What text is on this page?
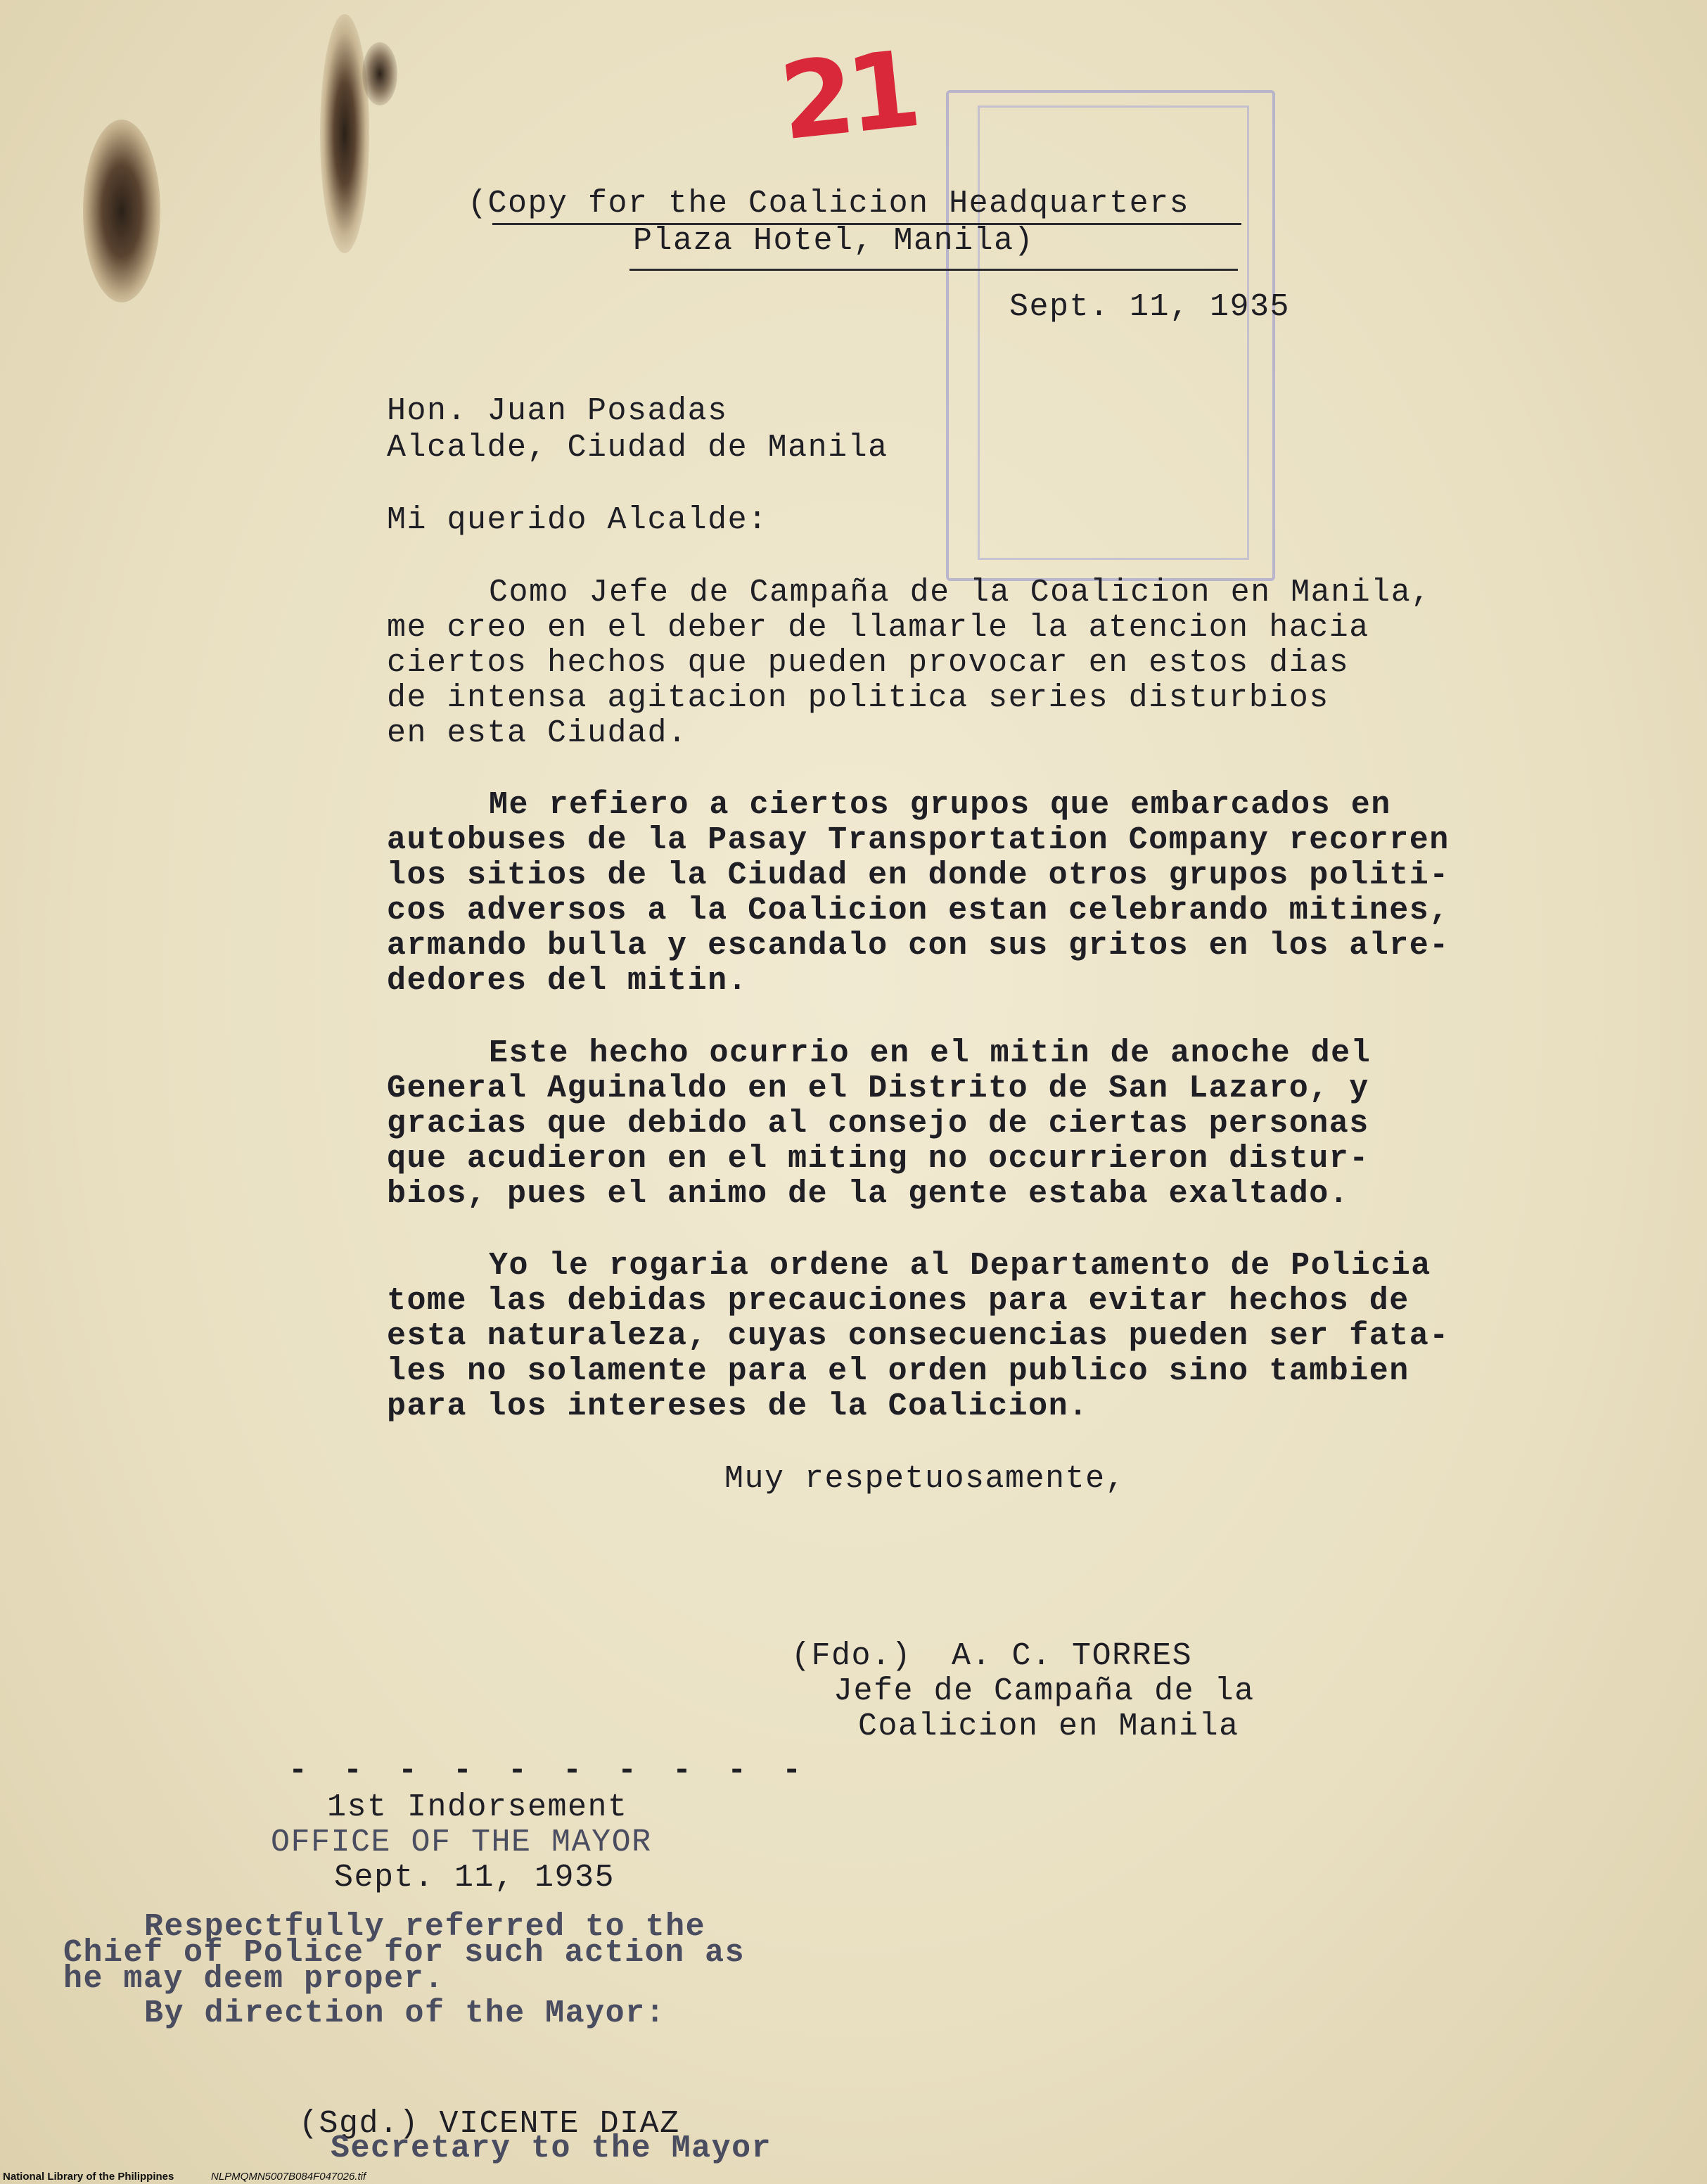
21
(Copy for the Coalicion Headquarters
Plaza Hotel, Manila)
Sept. 11, 1935
Hon. Juan Posadas
Alcalde, Ciudad de Manila
Mi querido Alcalde:
Como Jefe de Campaña de la Coalicion en Manila,
me creo en el deber de llamarle la atencion hacia
ciertos hechos que pueden provocar en estos dias
de intensa agitacion politica series disturbios
en esta Ciudad.
Me refiero a ciertos grupos que embarcados en
autobuses de la Pasay Transportation Company recorren
los sitios de la Ciudad en donde otros grupos politi-
cos adversos a la Coalicion estan celebrando mitines,
armando bulla y escandalo con sus gritos en los alre-
dedores del mitin.
Este hecho ocurrio en el mitin de anoche del
General Aguinaldo en el Distrito de San Lazaro, y
gracias que debido al consejo de ciertas personas
que acudieron en el miting no occurrieron distur-
bios, pues el animo de la gente estaba exaltado.
Yo le rogaria ordene al Departamento de Policia
tome las debidas precauciones para evitar hechos de
esta naturaleza, cuyas consecuencias pueden ser fata-
les no solamente para el orden publico sino tambien
para los intereses de la Coalicion.
Muy respetuosamente,
(Fdo.)  A. C. TORRES
Jefe de Campaña de la
Coalicion en Manila
- - - - - - - - - -
1st Indorsement
OFFICE OF THE MAYOR
Sept. 11, 1935
Respectfully referred to the
Chief of Police for such action as
he may deem proper.
By direction of the Mayor:
(Sgd.) VICENTE DIAZ
Secretary to the Mayor
National Library of the Philippines	NLPMQMN5007B084F047026.tif
